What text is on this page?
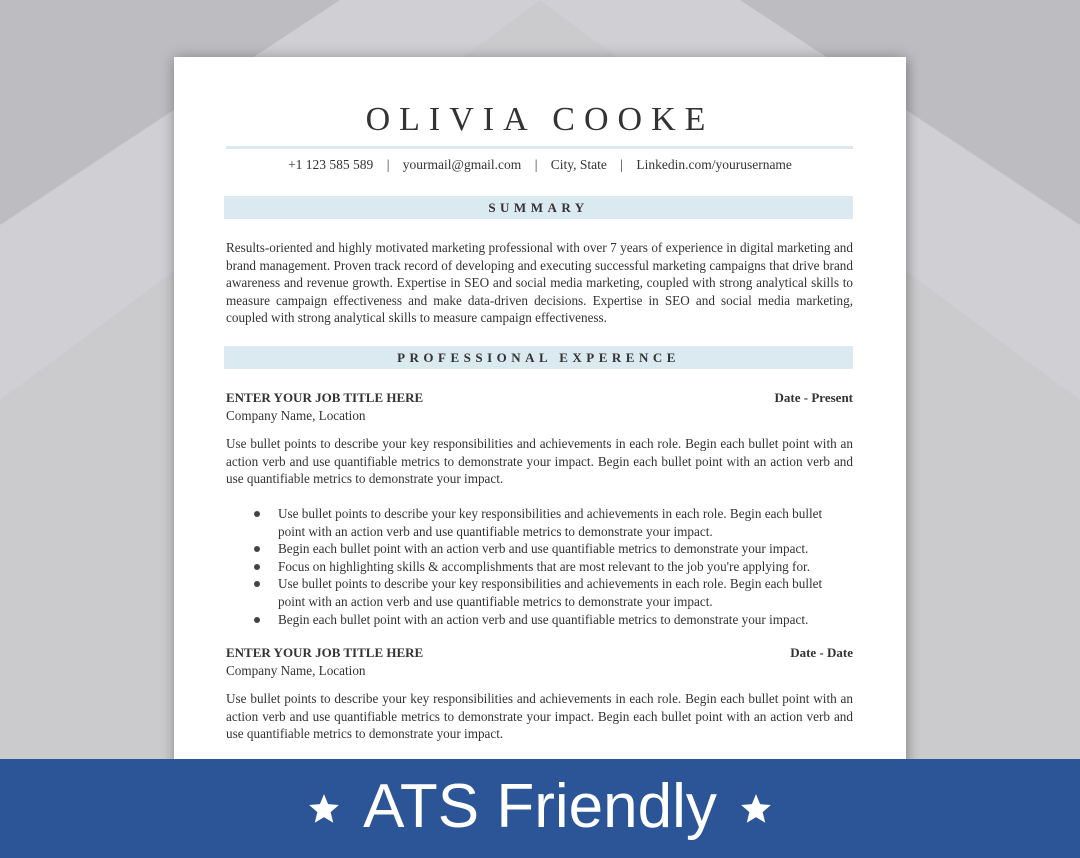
OLIVIA COOKE
+1 123 585 589 | yourmail@gmail.com | City, State | Linkedin.com/yourusername
SUMMARY

Results-oriented and highly motivated marketing professional with over 7 years of experience in digital marketing and brand management. Proven track record of developing and executing successful marketing campaigns that drive brand awareness and revenue growth. Expertise in SEO and social media marketing, coupled with strong analytical skills to measure campaign effectiveness and make data-driven decisions. Expertise in SEO and social media marketing, coupled with strong analytical skills to measure campaign effectiveness.

PROFESSIONAL EXPERENCE
ENTER YOUR JOB TITLE HERE	Date - Present
Company Name, Location

Use bullet points to describe your key responsibilities and achievements in each role. Begin each bullet point with an action verb and use quantifiable metrics to demonstrate your impact. Begin each bullet point with an action verb and use quantifiable metrics to demonstrate your impact.

Use bullet points to describe your key responsibilities and achievements in each role. Begin each bullet point with an action verb and use quantifiable metrics to demonstrate your impact.
Begin each bullet point with an action verb and use quantifiable metrics to demonstrate your impact.
Focus on highlighting skills & accomplishments that are most relevant to the job you're applying for.
Use bullet points to describe your key responsibilities and achievements in each role. Begin each bullet point with an action verb and use quantifiable metrics to demonstrate your impact.
Begin each bullet point with an action verb and use quantifiable metrics to demonstrate your impact.
ENTER YOUR JOB TITLE HERE	Date - Date
Company Name, Location

Use bullet points to describe your key responsibilities and achievements in each role. Begin each bullet point with an action verb and use quantifiable metrics to demonstrate your impact. Begin each bullet point with an action verb and use quantifiable metrics to demonstrate your impact.

ATS Friendly
